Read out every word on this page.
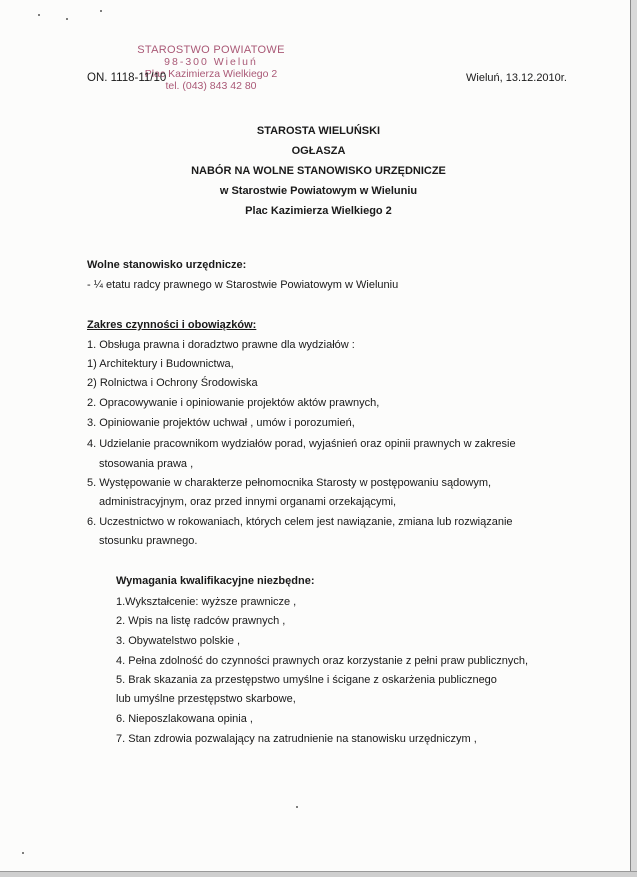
STAROSTWO POWIATOWE
98-300 Wieluń
Plac Kazimierza Wielkiego 2
tel. (043) 843 42 80
ON. 1118-11/10	Wieluń, 13.12.2010r.
STAROSTA WIELUŃSKI
OGŁASZA
NABÓR NA WOLNE STANOWISKO URZĘDNICZE
w Starostwie Powiatowym w Wieluniu
Plac Kazimierza Wielkiego 2
Wolne stanowisko urzędnicze:
- ¼ etatu radcy prawnego w Starostwie Powiatowym w Wieluniu
Zakres czynności i obowiązków:
1. Obsługa prawna i doradztwo prawne dla wydziałów :
1) Architektury i Budownictwa,
2) Rolnictwa i Ochrony Środowiska
2. Opracowywanie i opiniowanie projektów aktów prawnych,
3. Opiniowanie projektów uchwał , umów i porozumień,
4. Udzielanie pracownikom wydziałów porad, wyjaśnień oraz opinii prawnych w zakresie
stosowania prawa ,
5. Występowanie w charakterze pełnomocnika Starosty w postępowaniu sądowym,
administracyjnym, oraz przed innymi organami orzekającymi,
6. Uczestnictwo w rokowaniach, których celem jest nawiązanie, zmiana lub rozwiązanie
stosunku prawnego.
Wymagania kwalifikacyjne niezbędne:
1.Wykształcenie: wyższe prawnicze ,
2. Wpis na listę radców prawnych ,
3. Obywatelstwo polskie ,
4. Pełna zdolność do czynności prawnych oraz korzystanie z pełni praw publicznych,
5. Brak skazania za przestępstwo umyślne i ścigane z oskarżenia publicznego
lub umyślne przestępstwo skarbowe,
6. Nieposzlakowana opinia ,
7. Stan zdrowia pozwalający na zatrudnienie na stanowisku urzędniczym ,
